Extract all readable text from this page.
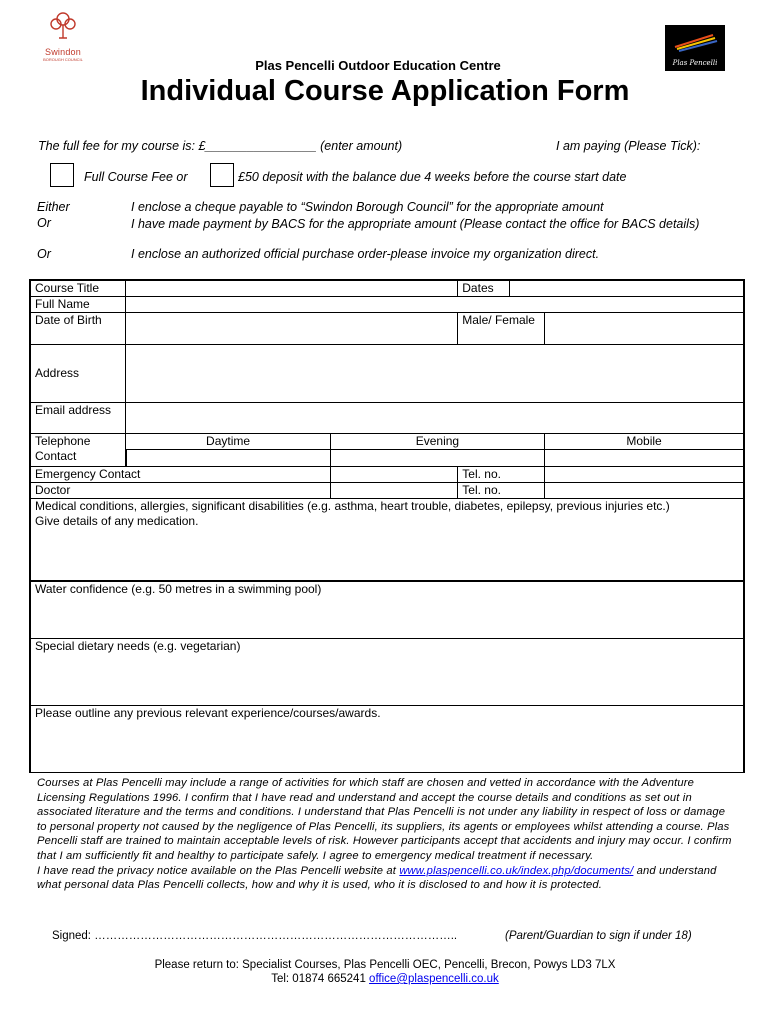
Swindon
BOROUGH COUNCIL	Plas Pencelli
Plas Pencelli Outdoor Education Centre
Individual Course Application Form
The full fee for my course is: £________________ (enter amount)	I am paying (Please Tick):
Full Course Fee or	£50 deposit with the balance due 4 weeks before the course start date
Either	I enclose a cheque payable to “Swindon Borough Council” for the appropriate amount
Or	I have made payment by BACS for the appropriate amount (Please contact the office for BACS details)
Or	I enclose an authorized official purchase order-please invoice my organization direct.
Course Title			Dates		
Full Name					
Date of Birth			Male/ Female		
Address					
Email address					
Telephone Contact	Daytime	Evening			Mobile

Emergency Contact			Tel. no.		
Doctor			Tel. no.		

Medical conditions, allergies, significant disabilities (e.g. asthma, heart trouble, diabetes, epilepsy, previous injuries etc.)
Give details of any medication.					

Water confidence (e.g. 50 metres in a swimming pool)					

Special dietary needs (e.g. vegetarian)					

Please outline any previous relevant experience/courses/awards.					
Courses at Plas Pencelli may include a range of activities for which staff are chosen and vetted in accordance with the Adventure Licensing Regulations 1996. I confirm that I have read and understand and accept the course details and conditions as set out in associated literature and the terms and conditions. I understand that Plas Pencelli is not under any liability in respect of loss or damage to personal property not caused by the negligence of Plas Pencelli, its suppliers, its agents or employees whilst attending a course. Plas Pencelli staff are trained to maintain acceptable levels of risk. However participants accept that accidents and injury may occur. I confirm that I am sufficiently fit and healthy to participate safely. I agree to emergency medical treatment if necessary.
I have read the privacy notice available on the Plas Pencelli website at www.plaspencelli.co.uk/index.php/documents/ and understand what personal data Plas Pencelli collects, how and why it is used, who it is disclosed to and how it is protected.
Signed: …………………………………………………………………………………..	(Parent/Guardian to sign if under 18)
Please return to: Specialist Courses, Plas Pencelli OEC, Pencelli, Brecon, Powys LD3 7LX
Tel: 01874 665241 office@plaspencelli.co.uk
